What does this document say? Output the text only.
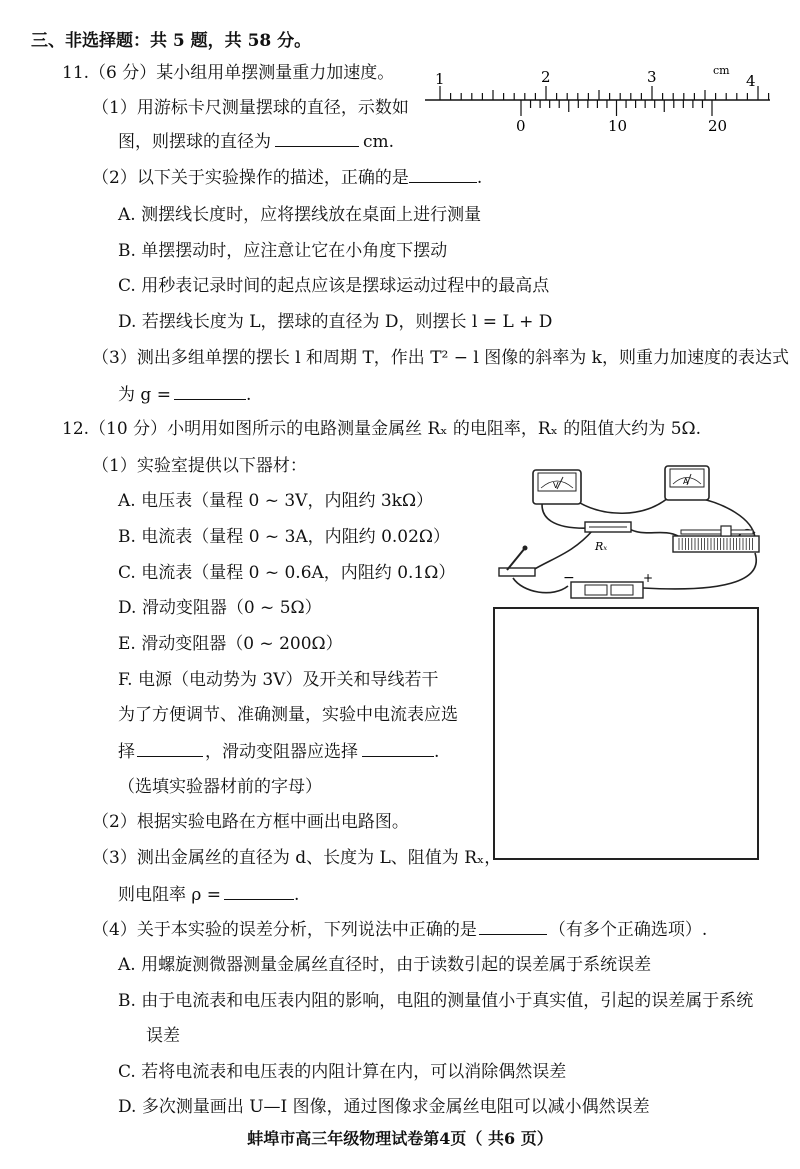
三、非选择题：共 5 题，共 58 分。
11.（6 分）某小组用单摆测量重力加速度。
（1）用游标卡尺测量摆球的直径，示数如
图，则摆球的直径为	cm.
（2）以下关于实验操作的描述，正确的是	.
A. 测摆线长度时，应将摆线放在桌面上进行测量
B. 单摆摆动时，应注意让它在小角度下摆动
C. 用秒表记录时间的起点应该是摆球运动过程中的最高点
D. 若摆线长度为 L，摆球的直径为 D，则摆长 l = L + D
（3）测出多组单摆的摆长 l 和周期 T，作出 T² − l 图像的斜率为 k，则重力加速度的表达式
为 g =	.
1	2	3	4
cm
0	10	20
12.（10 分）小明用如图所示的电路测量金属丝 Rₓ 的电阻率，Rₓ 的阻值大约为 5Ω.
（1）实验室提供以下器材：
A. 电压表（量程 0 ~ 3V，内阻约 3kΩ）
B. 电流表（量程 0 ~ 3A，内阻约 0.02Ω）
C. 电流表（量程 0 ~ 0.6A，内阻约 0.1Ω）
D. 滑动变阻器（0 ~ 5Ω）
E. 滑动变阻器（0 ~ 200Ω）
F. 电源（电动势为 3V）及开关和导线若干
为了方便调节、准确测量，实验中电流表应选
择	，滑动变阻器应选择	.
（选填实验器材前的字母）
（2）根据实验电路在方框中画出电路图。
（3）测出金属丝的直径为 d、长度为 L、阻值为 Rₓ，
则电阻率 ρ =	.
（4）关于本实验的误差分析，下列说法中正确的是	（有多个正确选项）.
A. 用螺旋测微器测量金属丝直径时，由于读数引起的误差属于系统误差
B. 由于电流表和电压表内阻的影响，电阻的测量值小于真实值，引起的误差属于系统
误差
C. 若将电流表和电压表的内阻计算在内，可以消除偶然误差
D. 多次测量画出 U—I 图像，通过图像求金属丝电阻可以减小偶然误差
V	A
Rₓ
−	+
蚌埠市高三年级物理试卷第4页（ 共6 页）
